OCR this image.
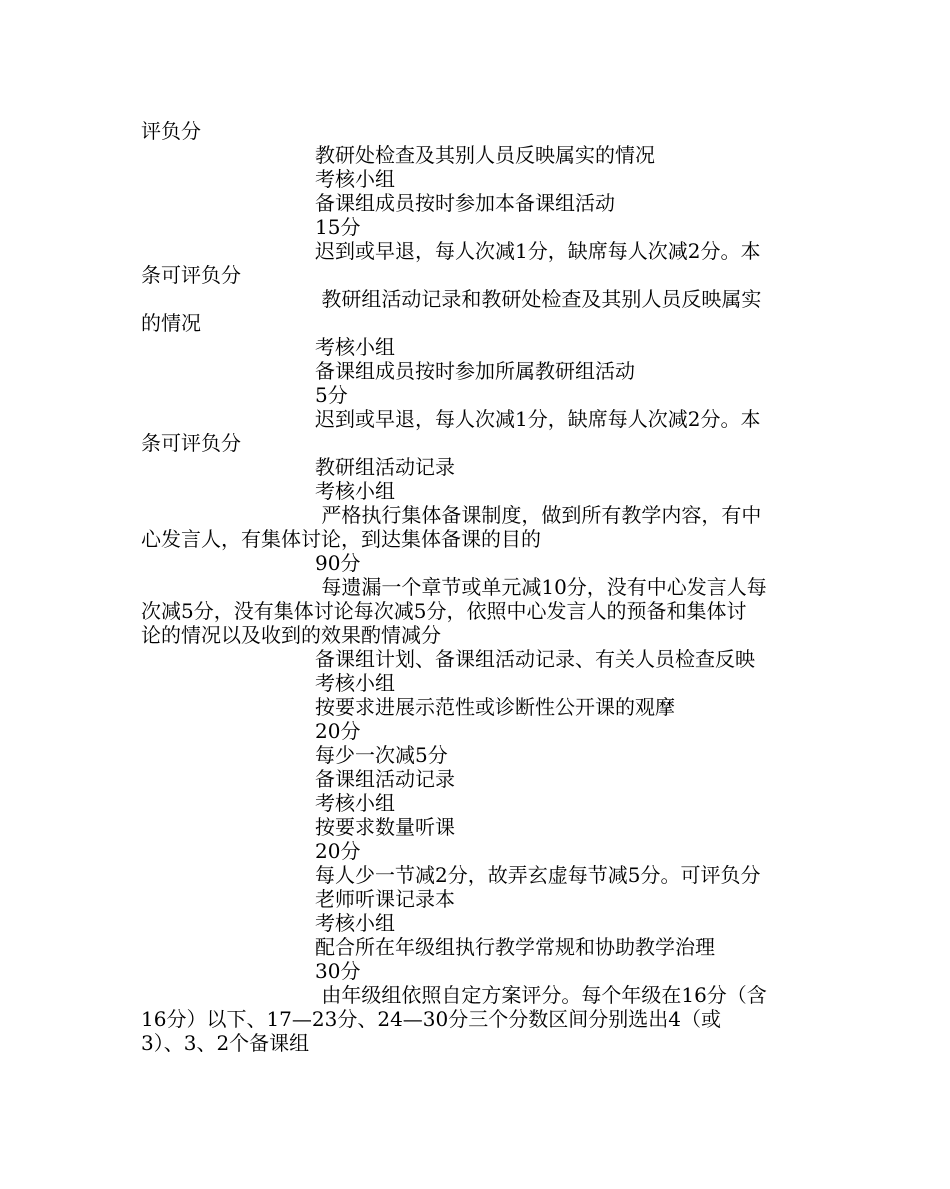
评负分
教研处检查及其别人员反映属实的情况
考核小组
备课组成员按时参加本备课组活动
15分
迟到或早退，每人次减1分，缺席每人次减2分。本
条可评负分
教研组活动记录和教研处检查及其别人员反映属实
的情况
考核小组
备课组成员按时参加所属教研组活动
5分
迟到或早退，每人次减1分，缺席每人次减2分。本
条可评负分
教研组活动记录
考核小组
严格执行集体备课制度，做到所有教学内容，有中
心发言人，有集体讨论，到达集体备课的目的
90分
每遗漏一个章节或单元减10分，没有中心发言人每
次减5分，没有集体讨论每次减5分，依照中心发言人的预备和集体讨
论的情况以及收到的效果酌情减分
备课组计划、备课组活动记录、有关人员检查反映
考核小组
按要求进展示范性或诊断性公开课的观摩
20分
每少一次减5分
备课组活动记录
考核小组
按要求数量听课
20分
每人少一节减2分，故弄玄虚每节减5分。可评负分
老师听课记录本
考核小组
配合所在年级组执行教学常规和协助教学治理
30分
由年级组依照自定方案评分。每个年级在16分（含
16分）以下、17—23分、24—30分三个分数区间分别选出4（或
3）、3、2个备课组
